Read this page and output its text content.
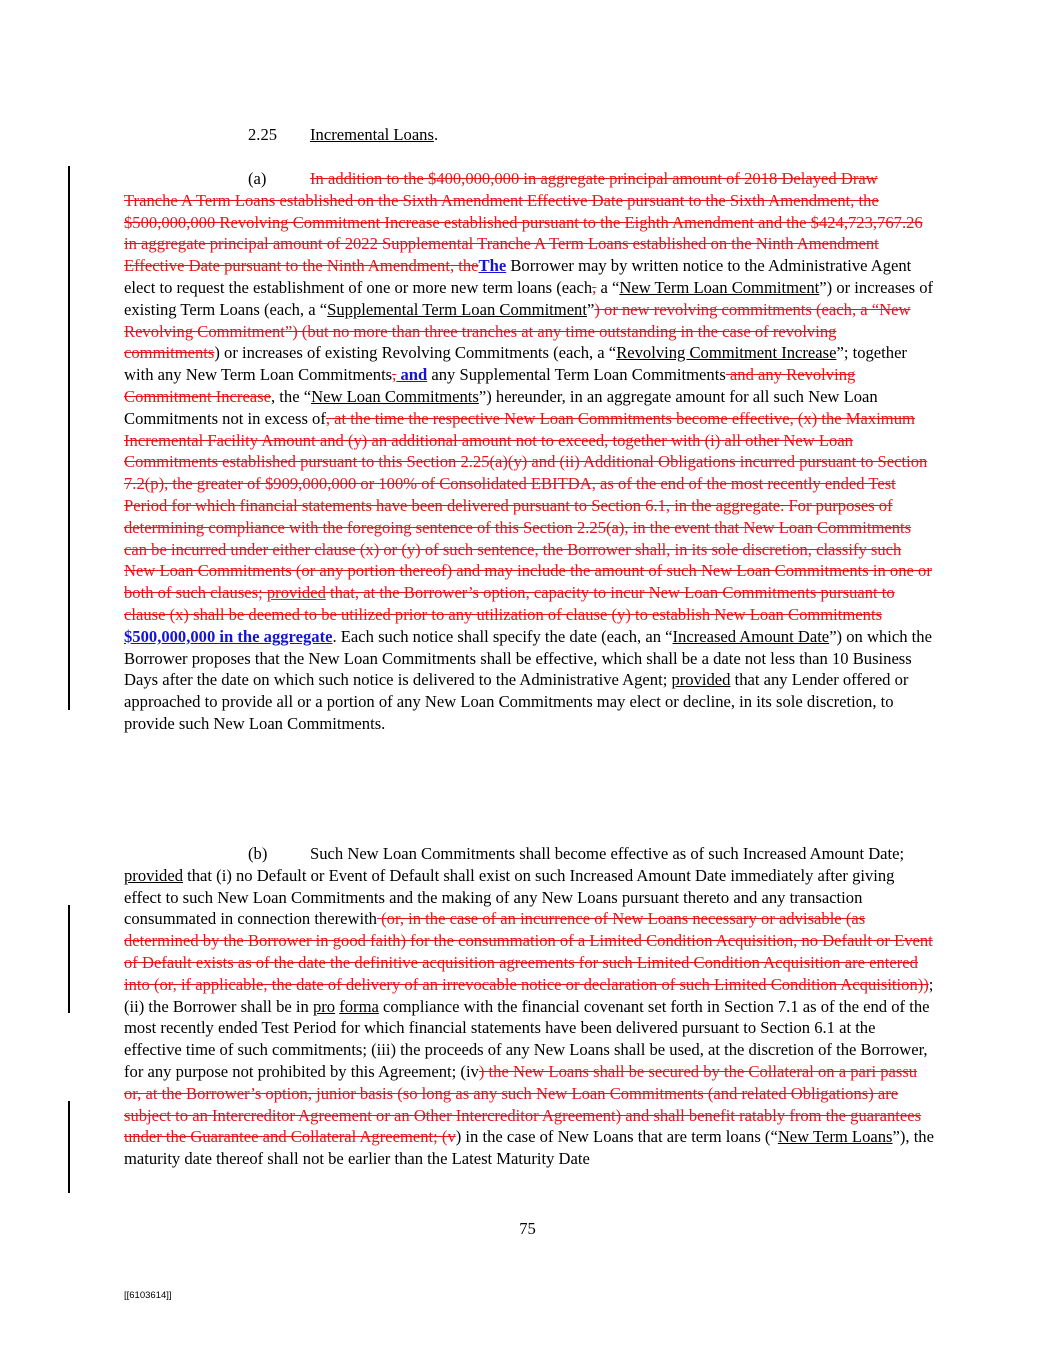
2.25 Incremental Loans.
(a)	In addition to the $400,000,000 in aggregate principal amount of 2018 Delayed Draw Tranche A Term Loans established on the Sixth Amendment Effective Date pursuant to the Sixth Amendment, the $500,000,000 Revolving Commitment Increase established pursuant to the Eighth Amendment and the $424,723,767.26 in aggregate principal amount of 2022 Supplemental Tranche A Term Loans established on the Ninth Amendment Effective Date pursuant to the Ninth Amendment, theThe Borrower may by written notice to the Administrative Agent elect to request the establishment of one or more new term loans (each, a “New Term Loan Commitment”) or increases of existing Term Loans (each, a “Supplemental Term Loan Commitment”) or new revolving commitments (each, a “New Revolving Commitment”) (but no more than three tranches at any time outstanding in the case of revolving commitments) or increases of existing Revolving Commitments (each, a “Revolving Commitment Increase”; together with any New Term Loan Commitments, and any Supplemental Term Loan Commitments and any Revolving Commitment Increase, the “New Loan Commitments”) hereunder, in an aggregate amount for all such New Loan Commitments not in excess of, at the time the respective New Loan Commitments become effective, (x) the Maximum Incremental Facility Amount and (y) an additional amount not to exceed, together with (i) all other New Loan Commitments established pursuant to this Section 2.25(a)(y) and (ii) Additional Obligations incurred pursuant to Section 7.2(p), the greater of $909,000,000 or 100% of Consolidated EBITDA, as of the end of the most recently ended Test Period for which financial statements have been delivered pursuant to Section 6.1, in the aggregate. For purposes of determining compliance with the foregoing sentence of this Section 2.25(a), in the event that New Loan Commitments can be incurred under either clause (x) or (y) of such sentence, the Borrower shall, in its sole discretion, classify such New Loan Commitments (or any portion thereof) and may include the amount of such New Loan Commitments in one or both of such clauses; provided that, at the Borrower’s option, capacity to incur New Loan Commitments pursuant to clause (x) shall be deemed to be utilized prior to any utilization of clause (y) to establish New Loan Commitments $500,000,000 in the aggregate. Each such notice shall specify the date (each, an “Increased Amount Date”) on which the Borrower proposes that the New Loan Commitments shall be effective, which shall be a date not less than 10 Business Days after the date on which such notice is delivered to the Administrative Agent; provided that any Lender offered or approached to provide all or a portion of any New Loan Commitments may elect or decline, in its sole discretion, to provide such New Loan Commitments.
(b)	Such New Loan Commitments shall become effective as of such Increased Amount Date; provided that (i) no Default or Event of Default shall exist on such Increased Amount Date immediately after giving effect to such New Loan Commitments and the making of any New Loans pursuant thereto and any transaction consummated in connection therewith (or, in the case of an incurrence of New Loans necessary or advisable (as determined by the Borrower in good faith) for the consummation of a Limited Condition Acquisition, no Default or Event of Default exists as of the date the definitive acquisition agreements for such Limited Condition Acquisition are entered into (or, if applicable, the date of delivery of an irrevocable notice or declaration of such Limited Condition Acquisition)); (ii) the Borrower shall be in pro forma compliance with the financial covenant set forth in Section 7.1 as of the end of the most recently ended Test Period for which financial statements have been delivered pursuant to Section 6.1 at the effective time of such commitments; (iii) the proceeds of any New Loans shall be used, at the discretion of the Borrower, for any purpose not prohibited by this Agreement; (iv) the New Loans shall be secured by the Collateral on a pari passu or, at the Borrower’s option, junior basis (so long as any such New Loan Commitments (and related Obligations) are subject to an Intercreditor Agreement or an Other Intercreditor Agreement) and shall benefit ratably from the guarantees under the Guarantee and Collateral Agreement; (v) in the case of New Loans that are term loans (“New Term Loans”), the maturity date thereof shall not be earlier than the Latest Maturity Date
75
[[6103614]]
